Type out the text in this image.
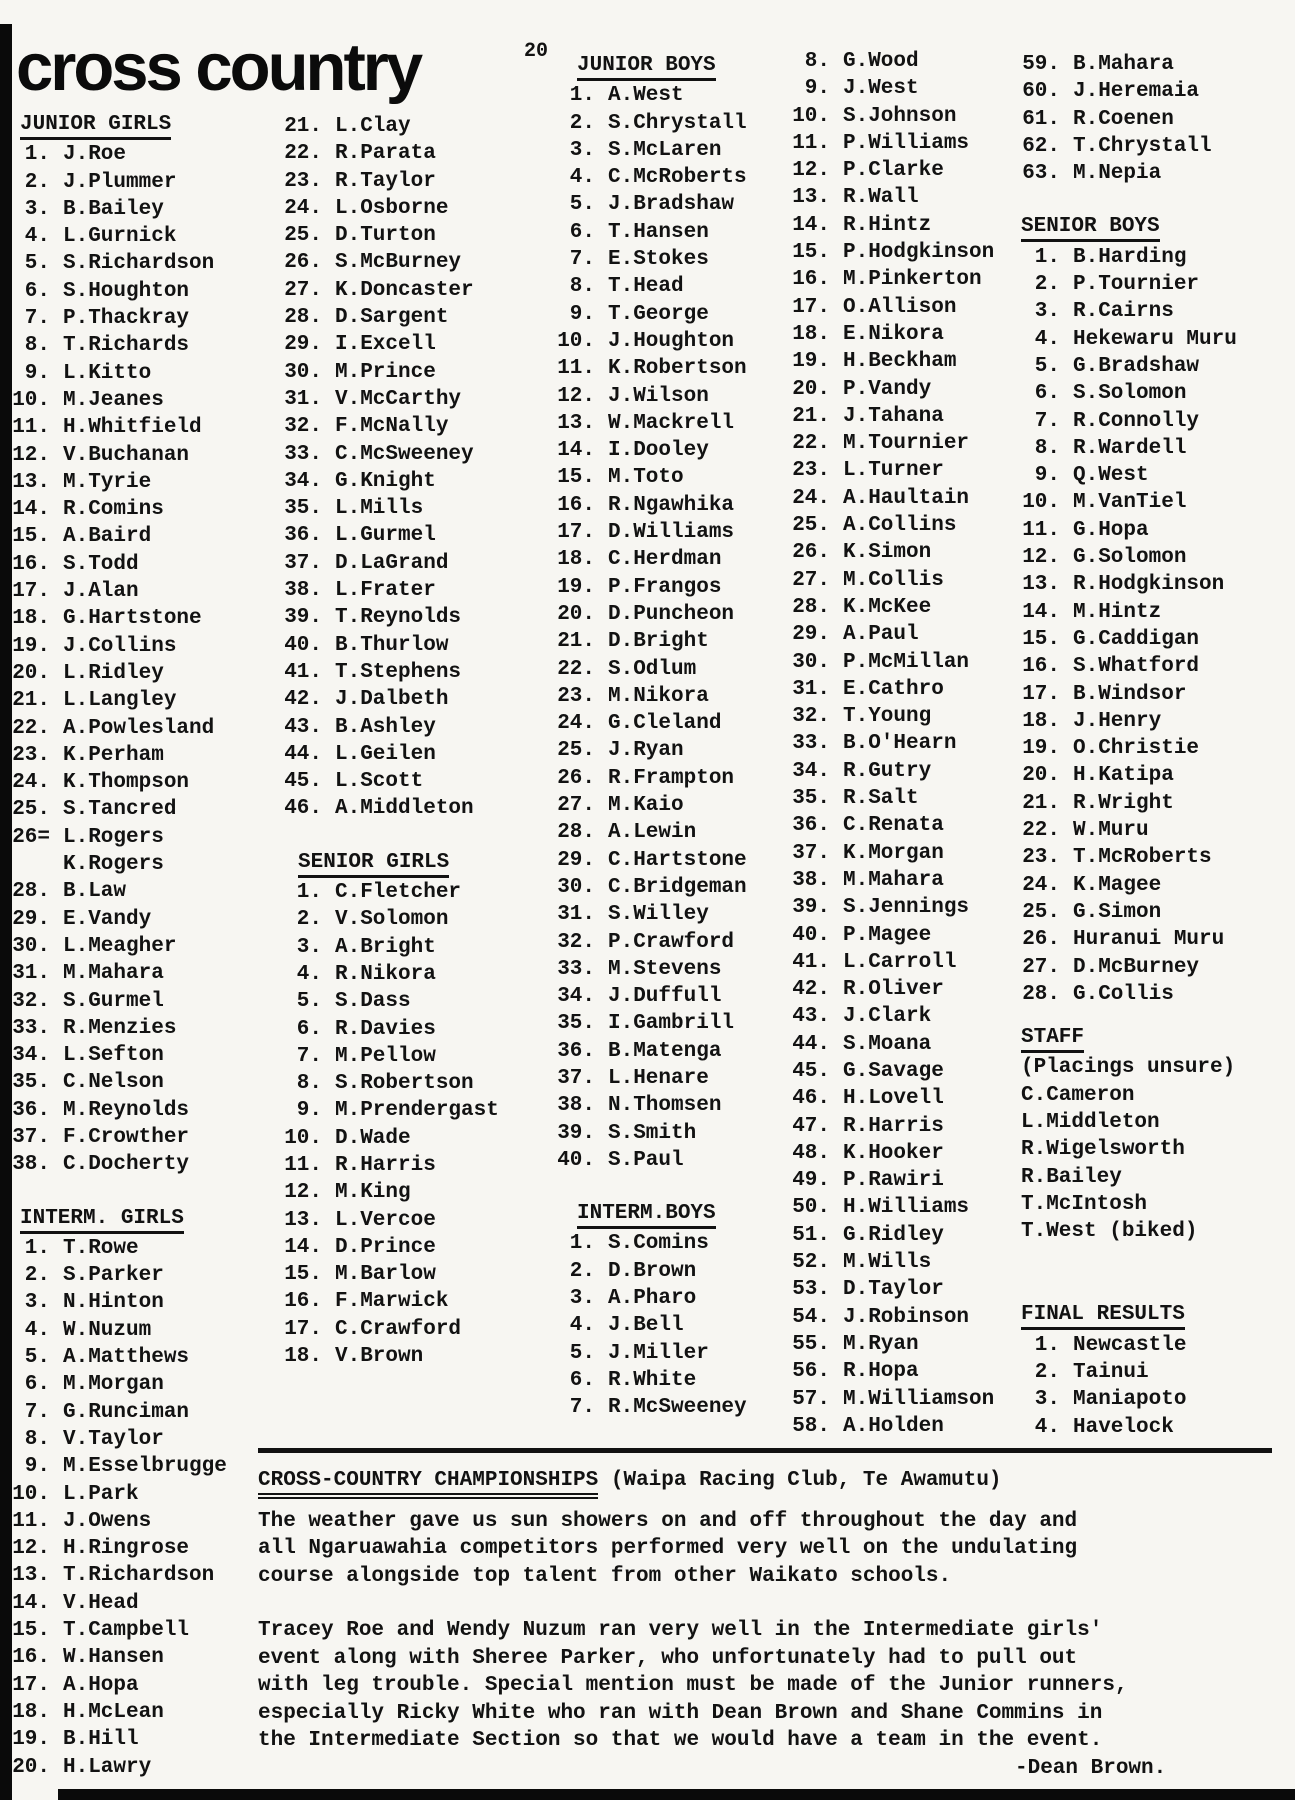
cross country	20
JUNIOR GIRLS
1. J.Roe
2. J.Plummer
3. B.Bailey
4. L.Gurnick
5. S.Richardson
6. S.Houghton
7. P.Thackray
8. T.Richards
9. L.Kitto
10. M.Jeanes
11. H.Whitfield
12. V.Buchanan
13. M.Tyrie
14. R.Comins
15. A.Baird
16. S.Todd
17. J.Alan
18. G.Hartstone
19. J.Collins
20. L.Ridley
21. L.Langley
22. A.Powlesland
23. K.Perham
24. K.Thompson
25. S.Tancred
26= L.Rogers
K.Rogers
28. B.Law
29. E.Vandy
30. L.Meagher
31. M.Mahara
32. S.Gurmel
33. R.Menzies
34. L.Sefton
35. C.Nelson
36. M.Reynolds
37. F.Crowther
38. C.Docherty
INTERM. GIRLS
1. T.Rowe
2. S.Parker
3. N.Hinton
4. W.Nuzum
5. A.Matthews
6. M.Morgan
7. G.Runciman
8. V.Taylor
9. M.Esselbrugge
10. L.Park
11. J.Owens
12. H.Ringrose
13. T.Richardson
14. V.Head
15. T.Campbell
16. W.Hansen
17. A.Hopa
18. H.McLean
19. B.Hill
20. H.Lawry
21. L.Clay
22. R.Parata
23. R.Taylor
24. L.Osborne
25. D.Turton
26. S.McBurney
27. K.Doncaster
28. D.Sargent
29. I.Excell
30. M.Prince
31. V.McCarthy
32. F.McNally
33. C.McSweeney
34. G.Knight
35. L.Mills
36. L.Gurmel
37. D.LaGrand
38. L.Frater
39. T.Reynolds
40. B.Thurlow
41. T.Stephens
42. J.Dalbeth
43. B.Ashley
44. L.Geilen
45. L.Scott
46. A.Middleton
SENIOR GIRLS
1. C.Fletcher
2. V.Solomon
3. A.Bright
4. R.Nikora
5. S.Dass
6. R.Davies
7. M.Pellow
8. S.Robertson
9. M.Prendergast
10. D.Wade
11. R.Harris
12. M.King
13. L.Vercoe
14. D.Prince
15. M.Barlow
16. F.Marwick
17. C.Crawford
18. V.Brown
JUNIOR BOYS
1. A.West
2. S.Chrystall
3. S.McLaren
4. C.McRoberts
5. J.Bradshaw
6. T.Hansen
7. E.Stokes
8. T.Head
9. T.George
10. J.Houghton
11. K.Robertson
12. J.Wilson
13. W.Mackrell
14. I.Dooley
15. M.Toto
16. R.Ngawhika
17. D.Williams
18. C.Herdman
19. P.Frangos
20. D.Puncheon
21. D.Bright
22. S.Odlum
23. M.Nikora
24. G.Cleland
25. J.Ryan
26. R.Frampton
27. M.Kaio
28. A.Lewin
29. C.Hartstone
30. C.Bridgeman
31. S.Willey
32. P.Crawford
33. M.Stevens
34. J.Duffull
35. I.Gambrill
36. B.Matenga
37. L.Henare
38. N.Thomsen
39. S.Smith
40. S.Paul
INTERM.BOYS
1. S.Comins
2. D.Brown
3. A.Pharo
4. J.Bell
5. J.Miller
6. R.White
7. R.McSweeney
8. G.Wood
9. J.West
10. S.Johnson
11. P.Williams
12. P.Clarke
13. R.Wall
14. R.Hintz
15. P.Hodgkinson
16. M.Pinkerton
17. O.Allison
18. E.Nikora
19. H.Beckham
20. P.Vandy
21. J.Tahana
22. M.Tournier
23. L.Turner
24. A.Haultain
25. A.Collins
26. K.Simon
27. M.Collis
28. K.McKee
29. A.Paul
30. P.McMillan
31. E.Cathro
32. T.Young
33. B.O'Hearn
34. R.Gutry
35. R.Salt
36. C.Renata
37. K.Morgan
38. M.Mahara
39. S.Jennings
40. P.Magee
41. L.Carroll
42. R.Oliver
43. J.Clark
44. S.Moana
45. G.Savage
46. H.Lovell
47. R.Harris
48. K.Hooker
49. P.Rawiri
50. H.Williams
51. G.Ridley
52. M.Wills
53. D.Taylor
54. J.Robinson
55. M.Ryan
56. R.Hopa
57. M.Williamson
58. A.Holden
59. B.Mahara
60. J.Heremaia
61. R.Coenen
62. T.Chrystall
63. M.Nepia
SENIOR BOYS
1. B.Harding
2. P.Tournier
3. R.Cairns
4. Hekewaru Muru
5. G.Bradshaw
6. S.Solomon
7. R.Connolly
8. R.Wardell
9. Q.West
10. M.VanTiel
11. G.Hopa
12. G.Solomon
13. R.Hodgkinson
14. M.Hintz
15. G.Caddigan
16. S.Whatford
17. B.Windsor
18. J.Henry
19. O.Christie
20. H.Katipa
21. R.Wright
22. W.Muru
23. T.McRoberts
24. K.Magee
25. G.Simon
26. Huranui Muru
27. D.McBurney
28. G.Collis
STAFF
(Placings unsure)
C.Cameron
L.Middleton
R.Wigelsworth
R.Bailey
T.McIntosh
T.West (biked)
FINAL RESULTS
1. Newcastle
2. Tainui
3. Maniapoto
4. Havelock
CROSS-COUNTRY CHAMPIONSHIPS (Waipa Racing Club, Te Awamutu)
The weather gave us sun showers on and off throughout the day and
all Ngaruawahia competitors performed very well on the undulating
course alongside top talent from other Waikato schools.
Tracey Roe and Wendy Nuzum ran very well in the Intermediate girls'
event along with Sheree Parker, who unfortunately had to pull out
with leg trouble. Special mention must be made of the Junior runners,
especially Ricky White who ran with Dean Brown and Shane Commins in
the Intermediate Section so that we would have a team in the event.
-Dean Brown.
